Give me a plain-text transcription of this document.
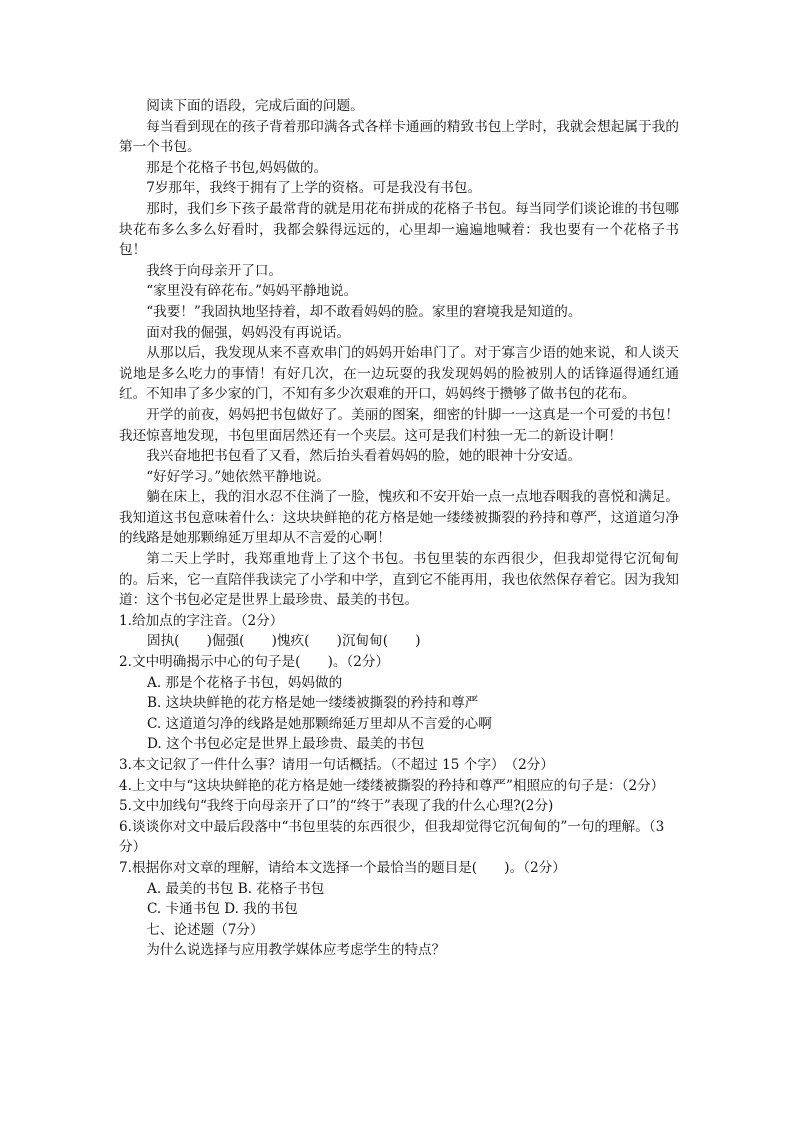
阅读下面的语段，完成后面的问题。

每当看到现在的孩子背着那印满各式各样卡通画的精致书包上学时，我就会想起属于我的第一个书包。

那是个花格子书包,妈妈做的。

7岁那年，我终于拥有了上学的资格。可是我没有书包。

那时，我们乡下孩子最常背的就是用花布拼成的花格子书包。每当同学们谈论谁的书包哪块花布多么多么好看时，我都会躲得远远的，心里却一遍遍地喊着：我也要有一个花格子书包！

我终于向母亲开了口。

“家里没有碎花布。”妈妈平静地说。

“我要！”我固执地坚持着，却不敢看妈妈的脸。家里的窘境我是知道的。

面对我的倔强，妈妈没有再说话。

从那以后，我发现从来不喜欢串门的妈妈开始串门了。对于寡言少语的她来说，和人谈天说地是多么吃力的事情！有好几次，在一边玩耍的我发现妈妈的脸被别人的话锋逼得通红通红。不知串了多少家的门，不知有多少次艰难的开口，妈妈终于攒够了做书包的花布。

开学的前夜，妈妈把书包做好了。美丽的图案，细密的针脚一一这真是一个可爱的书包！我还惊喜地发现，书包里面居然还有一个夹层。这可是我们村独一无二的新设计啊！

我兴奋地把书包看了又看，然后抬头看着妈妈的脸，她的眼神十分安适。

“好好学习。”她依然平静地说。

躺在床上，我的泪水忍不住淌了一脸，愧疚和不安开始一点一点地吞咽我的喜悦和满足。我知道这书包意味着什么：这块块鲜艳的花方格是她一缕缕被撕裂的矜持和尊严，这道道匀净的线路是她那颗绵延万里却从不言爱的心啊！

第二天上学时，我郑重地背上了这个书包。书包里装的东西很少，但我却觉得它沉甸甸的。后来，它一直陪伴我读完了小学和中学，直到它不能再用，我也依然保存着它。因为我知道：这个书包必定是世界上最珍贵、最美的书包。

1.给加点的字注音。（2分）

固执(　　)倔强(　　)愧疚(　　)沉甸甸(　　)

2.文中明确揭示中心的句子是(　　)。（2分）

A. 那是个花格子书包，妈妈做的

B. 这块块鲜艳的花方格是她一缕缕被撕裂的矜持和尊严

C. 这道道匀净的线路是她那颗绵延万里却从不言爱的心啊

D. 这个书包必定是世界上最珍贵、最美的书包

3.本文记叙了一件什么事？请用一句话概括。（不超过 15 个字）　（2分）

4.上文中与“这块块鲜艳的花方格是她一缕缕被撕裂的矜持和尊严”相照应的句子是：（2分）

5.文中加线句“我终于向母亲开了口”的“终于”表现了我的什么心理?(2分)

6.谈谈你对文中最后段落中“书包里装的东西很少，但我却觉得它沉甸甸的”一句的理解。（3分）

7.根据你对文章的理解，请给本文选择一个最恰当的题目是(　　)。（2分）

A. 最美的书包 B. 花格子书包

C. 卡通书包 D. 我的书包

七、论述题（7分）

为什么说选择与应用教学媒体应考虑学生的特点？
